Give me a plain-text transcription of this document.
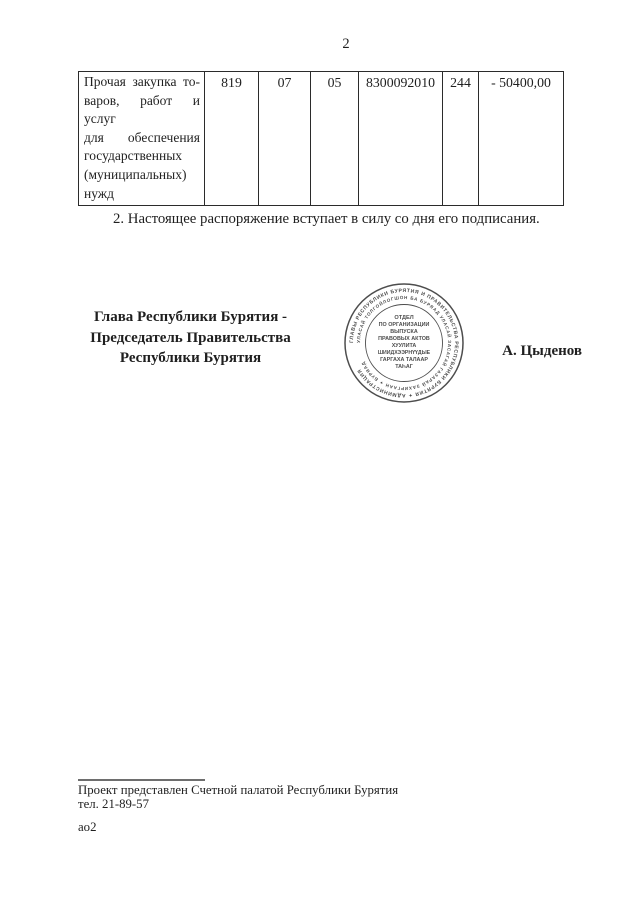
2
Прочая закупка то-
варов, работ и услуг
для обеспечения
государственных
(муниципальных)
нужд
	819	07	05	8300092010	244	- 50400,00

2. Настоящее распоряжение вступает в силу со дня его подписания.

Глава Республики Бурятия -
Председатель Правительства
Республики Бурятия
ГЛАВЫ РЕСПУБЛИКИ БУРЯТИЯ И ПРАВИТЕЛЬСТВА РЕСПУБЛИКИ БУРЯТИЯ ✦ АДМИНИСТРАЦИЯ
УЛАСАЙ ТОЛГОЙЛОГШОН БА БУРЯАД УЛАСАЙ ЗАСАГАЙ ГАЗАРАЙ ЗАХИРГААН ✦ БУРЯАД
ОТДЕЛ
ПО ОРГАНИЗАЦИИ
ВЫПУСКА
ПРАВОВЫХ АКТОВ
ХУУЛИТА
ШИИДХЭЭРНҮҮДЫЕ
ГАРГАХА ТАЛААР
ТАҺАГ
А. Цыденов
Проект представлен Счетной палатой Республики Бурятия
тел. 21-89-57
ао2
